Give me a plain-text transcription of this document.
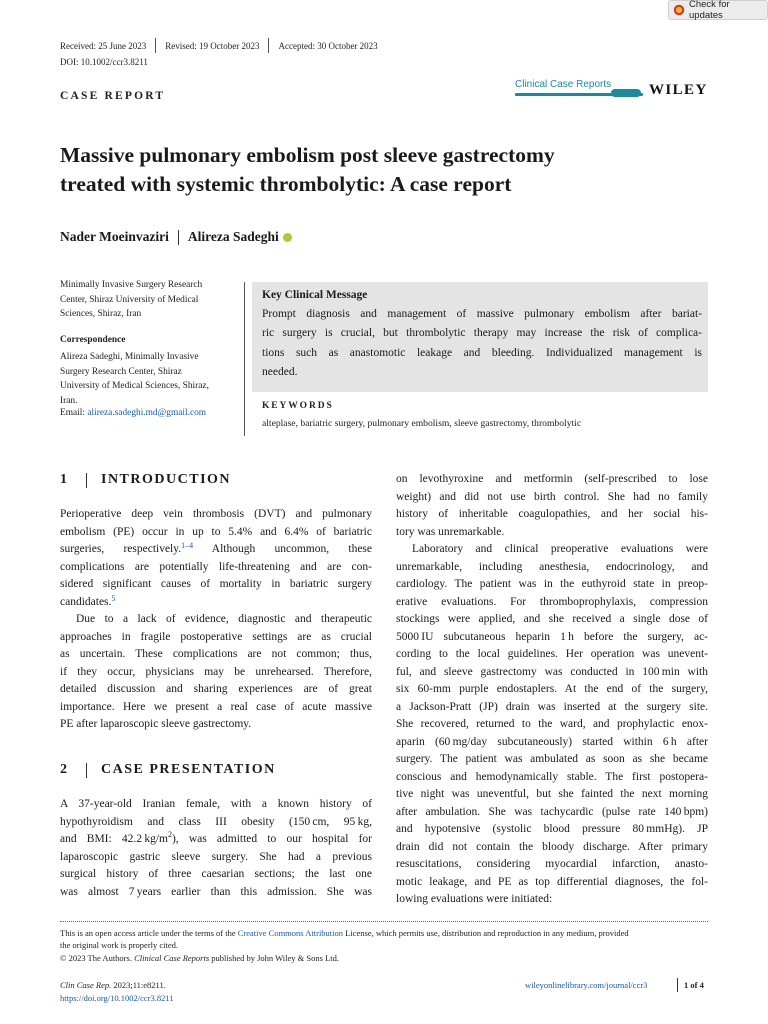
Check for updates
Received: 25 June 2023 Revised: 19 October 2023 Accepted: 30 October 2023
DOI: 10.1002/ccr3.8211
CASE REPORT
Clinical Case Reports	WILEY
Massive pulmonary embolism post sleeve gastrectomy
treated with systemic thrombolytic: A case report
Nader Moeinvaziri Alireza Sadeghi
Minimally Invasive Surgery Research
Center, Shiraz University of Medical
Sciences, Shiraz, Iran
Correspondence
Alireza Sadeghi, Minimally Invasive
Surgery Research Center, Shiraz
University of Medical Sciences, Shiraz,
Iran.
Email: alireza.sadeghi.md@gmail.com
Key Clinical Message
Prompt diagnosis and management of massive pulmonary embolism after bariat-
ric surgery is crucial, but thrombolytic therapy may increase the risk of complica-
tions such as anastomotic leakage and bleeding. Individualized management is
needed.
KEYWORDS
alteplase, bariatric surgery, pulmonary embolism, sleeve gastrectomy, thrombolytic
1 INTRODUCTION
Perioperative deep vein thrombosis (DVT) and pulmonary
embolism (PE) occur in up to 5.4% and 6.4% of bariatric
surgeries, respectively.$^{1-4}$ Although uncommon, these
complications are potentially life-threatening and are con-
sidered significant causes of mortality in bariatric surgery
candidates.$^5$
Due to a lack of evidence, diagnostic and therapeutic
approaches in fragile postoperative settings are as crucial
as uncertain. These complications are not common; thus,
if they occur, physicians may be unrehearsed. Therefore,
detailed discussion and sharing experiences are of great
importance. Here we present a real case of acute massive
PE after laparoscopic sleeve gastrectomy.
2 CASE PRESENTATION
A 37-year-old Iranian female, with a known history of
hypothyroidism and class III obesity (150 cm, 95 kg,
and BMI: 42.2 $kg/m^2$), was admitted to our hospital for
laparoscopic gastric sleeve surgery. She had a previous
surgical history of three caesarian sections; the last one
was almost 7 years earlier than this admission. She was
on levothyroxine and metformin (self-prescribed to lose
weight) and did not use birth control. She had no family
history of inheritable coagulopathies, and her social his-
tory was unremarkable.
Laboratory and clinical preoperative evaluations were
unremarkable, including anesthesia, endocrinology, and
cardiology. The patient was in the euthyroid state in preop-
erative evaluations. For thromboprophylaxis, compression
stockings were applied, and she received a single dose of
5000 IU subcutaneous heparin 1 h before the surgery, ac-
cording to the local guidelines. Her operation was unevent-
ful, and sleeve gastrectomy was conducted in 100 min with
six 60-mm purple endostaplers. At the end of the surgery,
a Jackson-Pratt (JP) drain was inserted at the surgery site.
She recovered, returned to the ward, and prophylactic enox-
aparin (60 mg/day subcutaneously) started within 6 h after
surgery. The patient was ambulated as soon as she became
conscious and hemodynamically stable. The first postopera-
tive night was uneventful, but she fainted the next morning
after ambulation. She was tachycardic (pulse rate 140 bpm)
and hypotensive (systolic blood pressure 80 mmHg). JP
drain did not contain the bloody discharge. After primary
resuscitations, considering myocardial infarction, anasto-
motic leakage, and PE as top differential diagnoses, the fol-
lowing evaluations were initiated:
This is an open access article under the terms of the Creative Commons Attribution License, which permits use, distribution and reproduction in any medium, provided
the original work is properly cited.
© 2023 The Authors. Clinical Case Reports published by John Wiley & Sons Ltd.
Clin Case Rep. 2023;11:e8211.
https://doi.org/10.1002/ccr3.8211
wileyonlinelibrary.com/journal/ccr3	1 of 4
